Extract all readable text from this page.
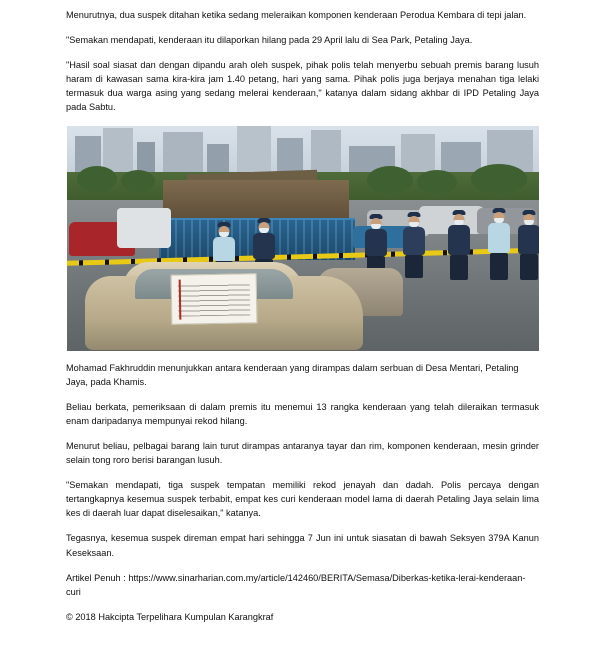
Menurutnya, dua suspek ditahan ketika sedang meleraikan komponen kenderaan Perodua Kembara di tepi jalan.

"Semakan mendapati, kenderaan itu dilaporkan hilang pada 29 April lalu di Sea Park, Petaling Jaya.

"Hasil soal siasat dan dengan dipandu arah oleh suspek, pihak polis telah menyerbu sebuah premis barang lusuh haram di kawasan sama kira-kira jam 1.40 petang, hari yang sama. Pihak polis juga berjaya menahan tiga lelaki termasuk dua warga asing yang sedang melerai kenderaan," katanya dalam sidang akhbar di IPD Petaling Jaya pada Sabtu.

Mohamad Fakhruddin menunjukkan antara kenderaan yang dirampas dalam serbuan di Desa Mentari, Petaling Jaya, pada Khamis.

Beliau berkata, pemeriksaan di dalam premis itu menemui 13 rangka kenderaan yang telah dileraikan termasuk enam daripadanya mempunyai rekod hilang.

Menurut beliau, pelbagai barang lain turut dirampas antaranya tayar dan rim, komponen kenderaan, mesin grinder selain tong roro berisi barangan lusuh.

"Semakan mendapati, tiga suspek tempatan memiliki rekod jenayah dan dadah. Polis percaya dengan tertangkapnya kesemua suspek terbabit, empat kes curi kenderaan model lama di daerah Petaling Jaya selain lima kes di daerah luar dapat diselesaikan," katanya.

Tegasnya, kesemua suspek direman empat hari sehingga 7 Jun ini untuk siasatan di bawah Seksyen 379A Kanun Keseksaan.

Artikel Penuh : https://www.sinarharian.com.my/article/142460/BERITA/Semasa/Diberkas-ketika-lerai-kenderaan-curi

© 2018 Hakcipta Terpelihara Kumpulan Karangkraf
